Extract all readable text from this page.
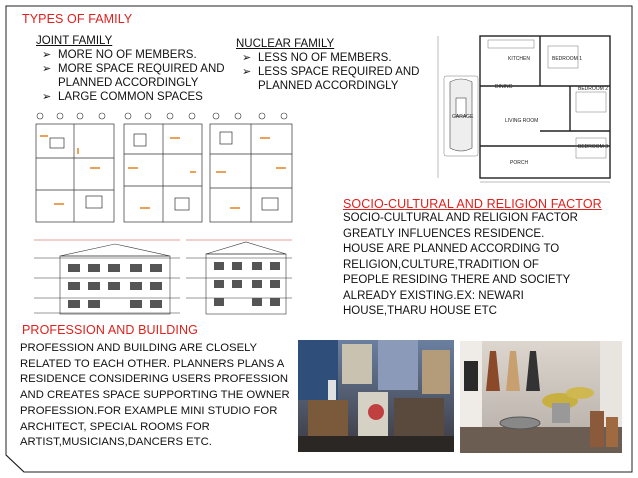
TYPES OF FAMILY
JOINT FAMILY
➢ MORE NO OF MEMBERS.
➢ MORE SPACE REQUIRED AND PLANNED ACCORDINGLY
➢ LARGE COMMON SPACES
NUCLEAR FAMILY
➢ LESS NO OF MEMBERS.
➢ LESS SPACE REQUIRED AND PLANNED ACCORDINGLY
KITCHEN	BEDROOM 1
BEDROOM 2
DINING
LIVING ROOM
GARAGE
PORCH
BEDROOM 3
SOCIO-CULTURAL AND RELIGION FACTOR
SOCIO-CULTURAL AND RELIGION FACTOR
GREATLY INFLUENCES RESIDENCE.
HOUSE ARE PLANNED ACCORDING TO
RELIGION,CULTURE,TRADITION OF
PEOPLE RESIDING THERE AND SOCIETY
ALREADY EXISTING.EX: NEWARI
HOUSE,THARU HOUSE ETC
PROFESSION AND BUILDING
PROFESSION AND BUILDING ARE CLOSELY
RELATED TO EACH OTHER. PLANNERS PLANS A
RESIDENCE CONSIDERING USERS PROFESSION
AND CREATES SPACE SUPPORTING THE OWNER
PROFESSION.FOR EXAMPLE MINI STUDIO FOR
ARCHITECT, SPECIAL ROOMS FOR
ARTIST,MUSICIANS,DANCERS ETC.
